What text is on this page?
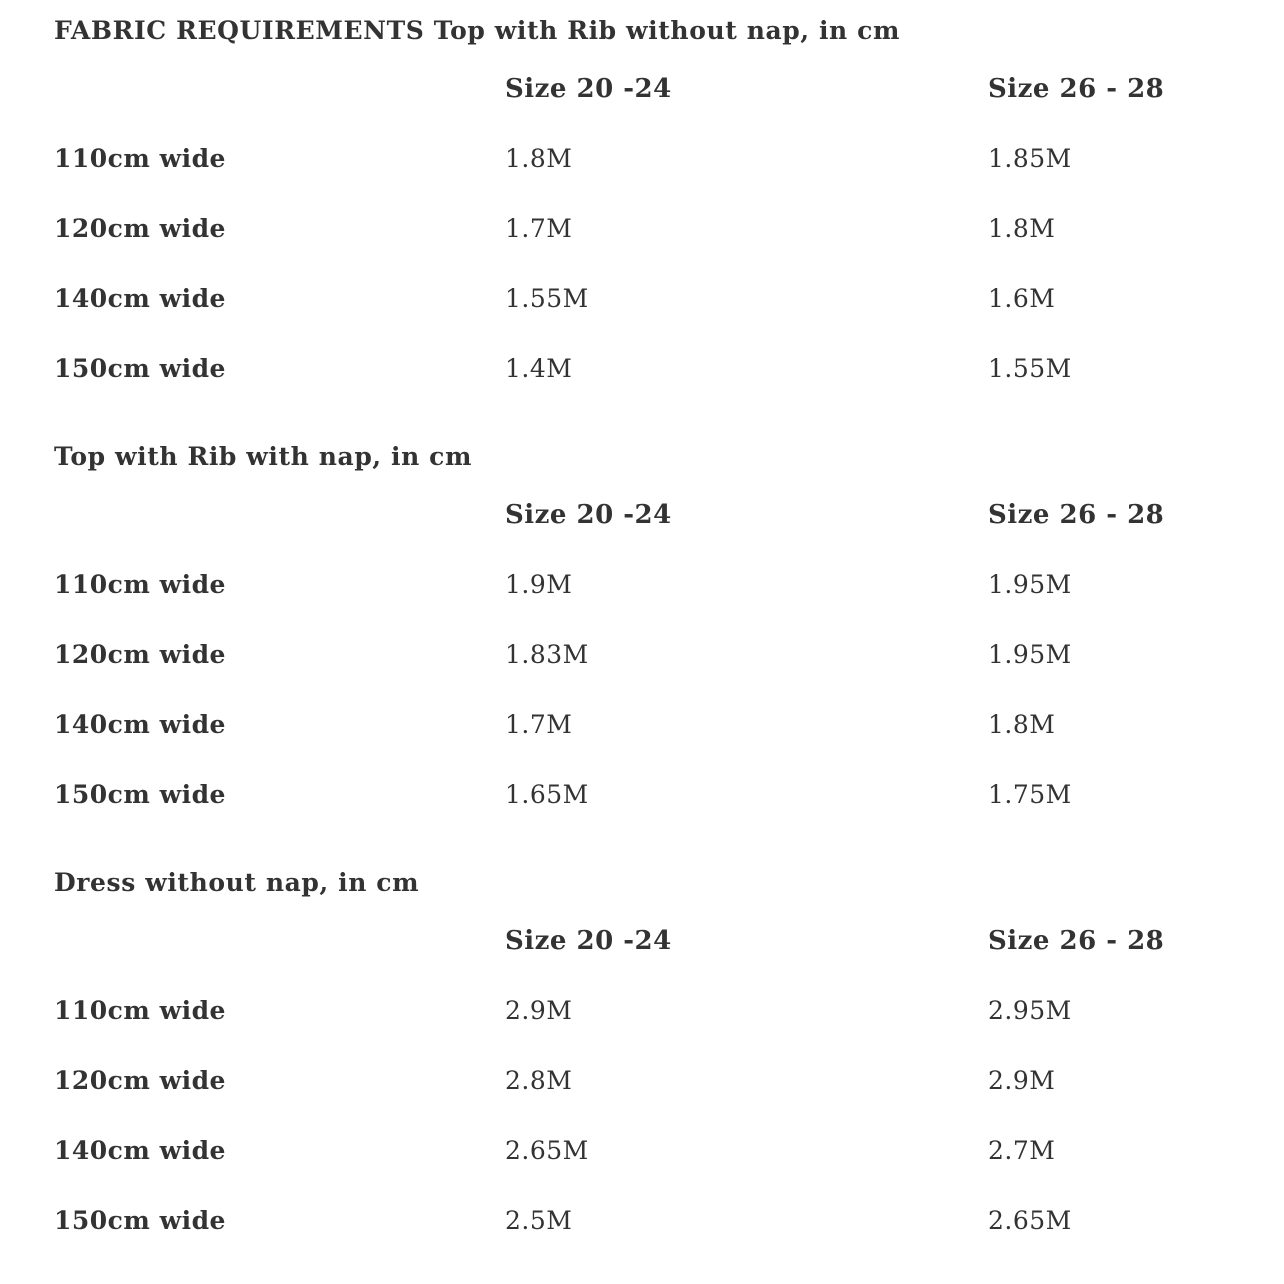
FABRIC REQUIREMENTS Top with Rib without nap, in cm
Size 20 -24	Size 26 - 28
110cm wide	1.8M	1.85M
120cm wide	1.7M	1.8M
140cm wide	1.55M	1.6M
150cm wide	1.4M	1.55M
Top with Rib with nap, in cm
Size 20 -24	Size 26 - 28
110cm wide	1.9M	1.95M
120cm wide	1.83M	1.95M
140cm wide	1.7M	1.8M
150cm wide	1.65M	1.75M
Dress without nap, in cm
Size 20 -24	Size 26 - 28
110cm wide	2.9M	2.95M
120cm wide	2.8M	2.9M
140cm wide	2.65M	2.7M
150cm wide	2.5M	2.65M
